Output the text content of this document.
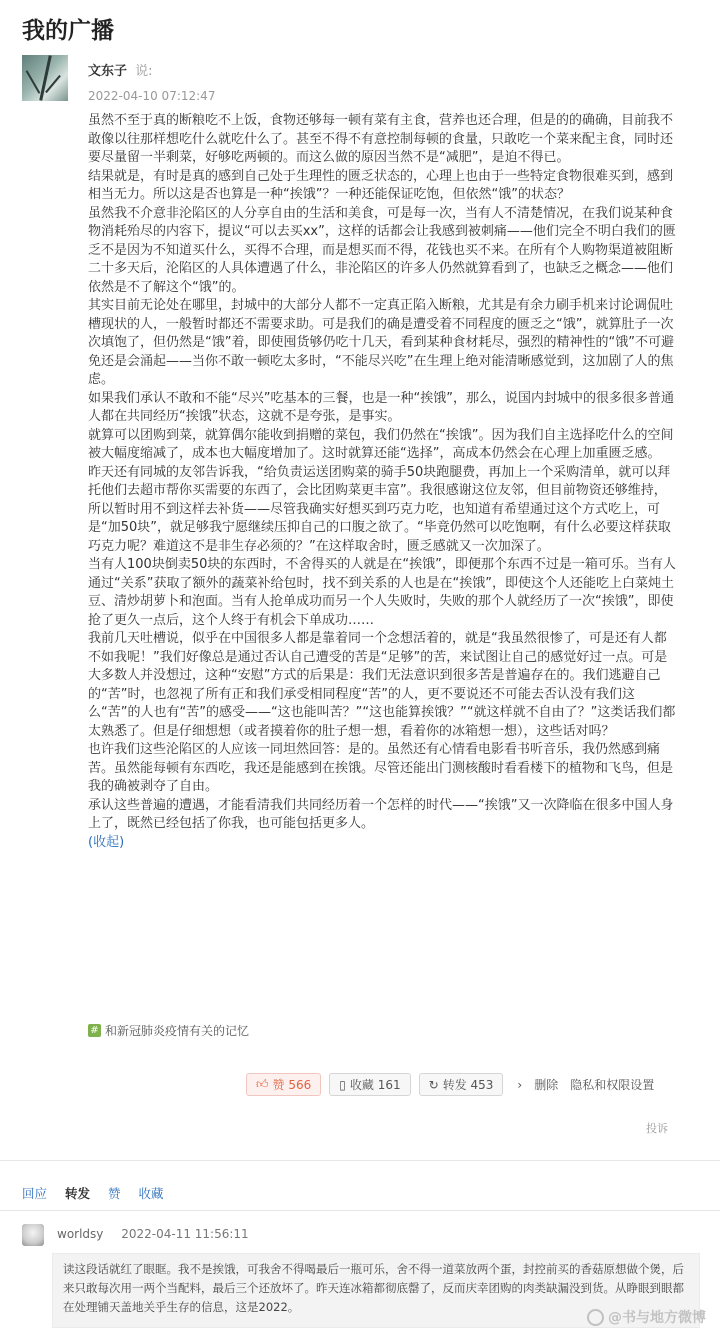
我的广播
文东子 说:
2022-04-10 07:12:47

虽然不至于真的断粮吃不上饭，食物还够每一顿有菜有主食，营养也还合理，但是的的确确，目前我不敢像以往那样想吃什么就吃什么了。甚至不得不有意控制每顿的食量，只敢吃一个菜来配主食，同时还要尽量留一半剩菜，好够吃两顿的。而这么做的原因当然不是“减肥”，是迫不得已。

结果就是，有时是真的感到自己处于生理性的匮乏状态的，心理上也由于一些特定食物很难买到，感到相当无力。所以这是否也算是一种“挨饿”？一种还能保证吃饱，但依然“饿”的状态？

虽然我不介意非沦陷区的人分享自由的生活和美食，可是每一次，当有人不清楚情况，在我们说某种食物消耗殆尽的内容下，提议“可以去买xx”，这样的话都会让我感到被刺痛——他们完全不明白我们的匮乏不是因为不知道买什么，买得不合理，而是想买而不得，花钱也买不来。在所有个人购物渠道被阻断二十多天后，沦陷区的人具体遭遇了什么，非沦陷区的许多人仍然就算看到了，也缺乏之概念——他们依然是不了解这个“饿”的。

其实目前无论处在哪里，封城中的大部分人都不一定真正陷入断粮，尤其是有余力刷手机来讨论调侃吐槽现状的人，一般暂时都还不需要求助。可是我们的确是遭受着不同程度的匮乏之“饿”，就算肚子一次次填饱了，但仍然是“饿”着，即使囤货够仍吃十几天，看到某种食材耗尽，强烈的精神性的“饿”不可避免还是会涌起——当你不敢一顿吃太多时，“不能尽兴吃”在生理上绝对能清晰感觉到，这加剧了人的焦虑。

如果我们承认不敢和不能“尽兴”吃基本的三餐，也是一种“挨饿”，那么，说国内封城中的很多很多普通人都在共同经历“挨饿”状态，这就不是夸张，是事实。

就算可以团购到菜，就算偶尔能收到捐赠的菜包，我们仍然在“挨饿”。因为我们自主选择吃什么的空间被大幅度缩减了，成本也大幅度增加了。这时就算还能“选择”，高成本仍然会在心理上加重匮乏感。

昨天还有同城的友邻告诉我，“给负责运送团购菜的骑手50块跑腿费，再加上一个采购清单，就可以拜托他们去超市帮你买需要的东西了，会比团购菜更丰富”。我很感谢这位友邻，但目前物资还够维持，所以暂时用不到这样去补货——尽管我确实好想买到巧克力吃，也知道有希望通过这个方式吃上，可是“加50块”，就足够我宁愿继续压抑自己的口腹之欲了。“毕竟仍然可以吃饱啊，有什么必要这样获取巧克力呢？难道这不是非生存必须的？”在这样取舍时，匮乏感就又一次加深了。

当有人100块倒卖50块的东西时，不舍得买的人就是在“挨饿”，即便那个东西不过是一箱可乐。当有人通过“关系”获取了额外的蔬菜补给包时，找不到关系的人也是在“挨饿”，即使这个人还能吃上白菜炖土豆、清炒胡萝卜和泡面。当有人抢单成功而另一个人失败时，失败的那个人就经历了一次“挨饿”，即使抢了更久一点后，这个人终于有机会下单成功……

我前几天吐槽说，似乎在中国很多人都是靠着同一个念想活着的，就是“我虽然很惨了，可是还有人都不如我呢！”我们好像总是通过否认自己遭受的苦是“足够”的苦，来试图让自己的感觉好过一点。可是大多数人并没想过，这种“安慰”方式的后果是：我们无法意识到很多苦是普遍存在的。我们逃避自己的“苦”时，也忽视了所有正和我们承受相同程度“苦”的人，更不要说还不可能去否认没有我们这么“苦”的人也有“苦”的感受——“这也能叫苦？”“这也能算挨饿？”“就这样就不自由了？”这类话我们都太熟悉了。但是仔细想想（或者摸着你的肚子想一想，看着你的冰箱想一想），这些话对吗？

也许我们这些沦陷区的人应该一同坦然回答：是的。虽然还有心情看电影看书听音乐，我仍然感到痛苦。虽然能每顿有东西吃，我还是能感到在挨饿。尽管还能出门测核酸时看看楼下的植物和飞鸟，但是我的确被剥夺了自由。

承认这些普遍的遭遇，才能看清我们共同经历着一个怎样的时代——“挨饿”又一次降临在很多中国人身上了，既然已经包括了你我，也可能包括更多人。

(收起)

# 和新冠肺炎疫情有关的记忆
👍︎ 赞 566 ▯ 收藏 161 ↻ 转发 453 › 删除 隐私和权限设置
投诉
回应 转发 赞 收藏
worldsy 2022-04-11 11:56:11
读这段话就红了眼眶。我不是挨饿，可我舍不得喝最后一瓶可乐，舍不得一道菜放两个蛋，封控前买的香菇原想做个煲，后来只敢每次用一两个当配料，最后三个还放坏了。昨天连冰箱都彻底罄了，反而庆幸团购的肉类缺漏没到货。从睁眼到眼都在处理铺天盖地关乎生存的信息，这是2022。
@书与地方微博
